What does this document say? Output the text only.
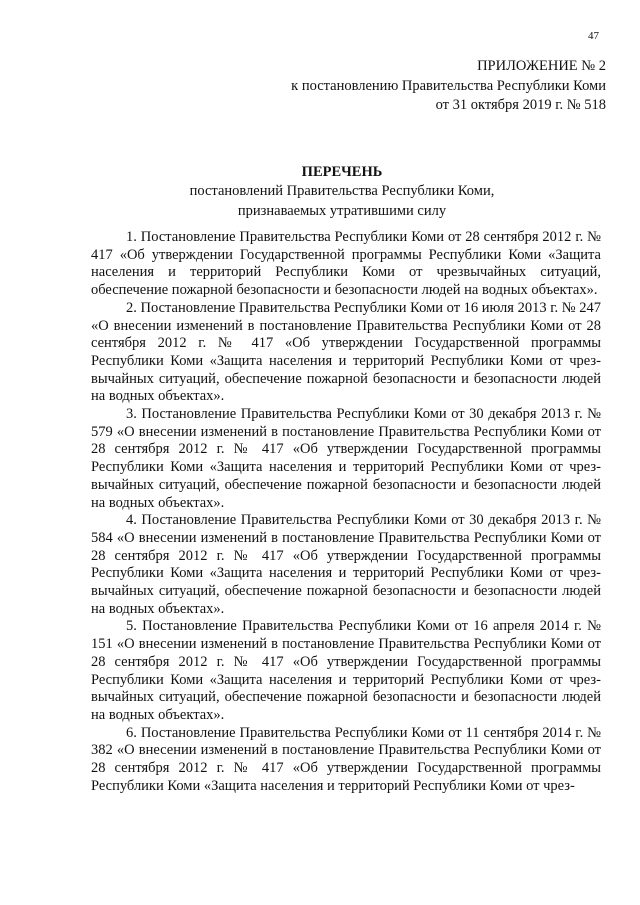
47
ПРИЛОЖЕНИЕ № 2
к постановлению Правительства Республики Коми
от 31 октября 2019 г. № 518
ПЕРЕЧЕНЬ
постановлений Правительства Республики Коми,
признаваемых утратившими силу

1. Постановление Правительства Республики Коми от 28 сентября 2012 г. № 417 «Об утверждении Государственной программы Республики Коми «Защита населения и территорий Республики Коми от чрезвычайных ситуаций, обеспечение пожарной безопасности и безопасности людей на водных объектах».

2. Постановление Правительства Республики Коми от 16 июля 2013 г. № 247 «О внесении изменений в постановление Правительства Республики Коми от 28 сентября 2012 г. № 417 «Об утверждении Государственной программы Республики Коми «Защита населения и территорий Республики Коми от чрезвычайных ситуаций, обеспечение пожарной безопасности и безопасности людей на водных объектах».

3. Постановление Правительства Республики Коми от 30 декабря 2013 г. № 579 «О внесении изменений в постановление Правительства Республики Коми от 28 сентября 2012 г. № 417 «Об утверждении Государственной программы Республики Коми «Защита населения и территорий Республики Коми от чрезвычайных ситуаций, обеспечение пожарной безопасности и безопасности людей на водных объектах».

4. Постановление Правительства Республики Коми от 30 декабря 2013 г. № 584 «О внесении изменений в постановление Правительства Республики Коми от 28 сентября 2012 г. № 417 «Об утверждении Государственной программы Республики Коми «Защита населения и территорий Республики Коми от чрезвычайных ситуаций, обеспечение пожарной безопасности и безопасности людей на водных объектах».

5. Постановление Правительства Республики Коми от 16 апреля 2014 г. № 151 «О внесении изменений в постановление Правительства Республики Коми от 28 сентября 2012 г. № 417 «Об утверждении Государственной программы Республики Коми «Защита населения и территорий Республики Коми от чрезвычайных ситуаций, обеспечение пожарной безопасности и безопасности людей на водных объектах».

6. Постановление Правительства Республики Коми от 11 сентября 2014 г. № 382 «О внесении изменений в постановление Правительства Республики Коми от 28 сентября 2012 г. № 417 «Об утверждении Государственной программы Республики Коми «Защита населения и территорий Республики Коми от чрез-
